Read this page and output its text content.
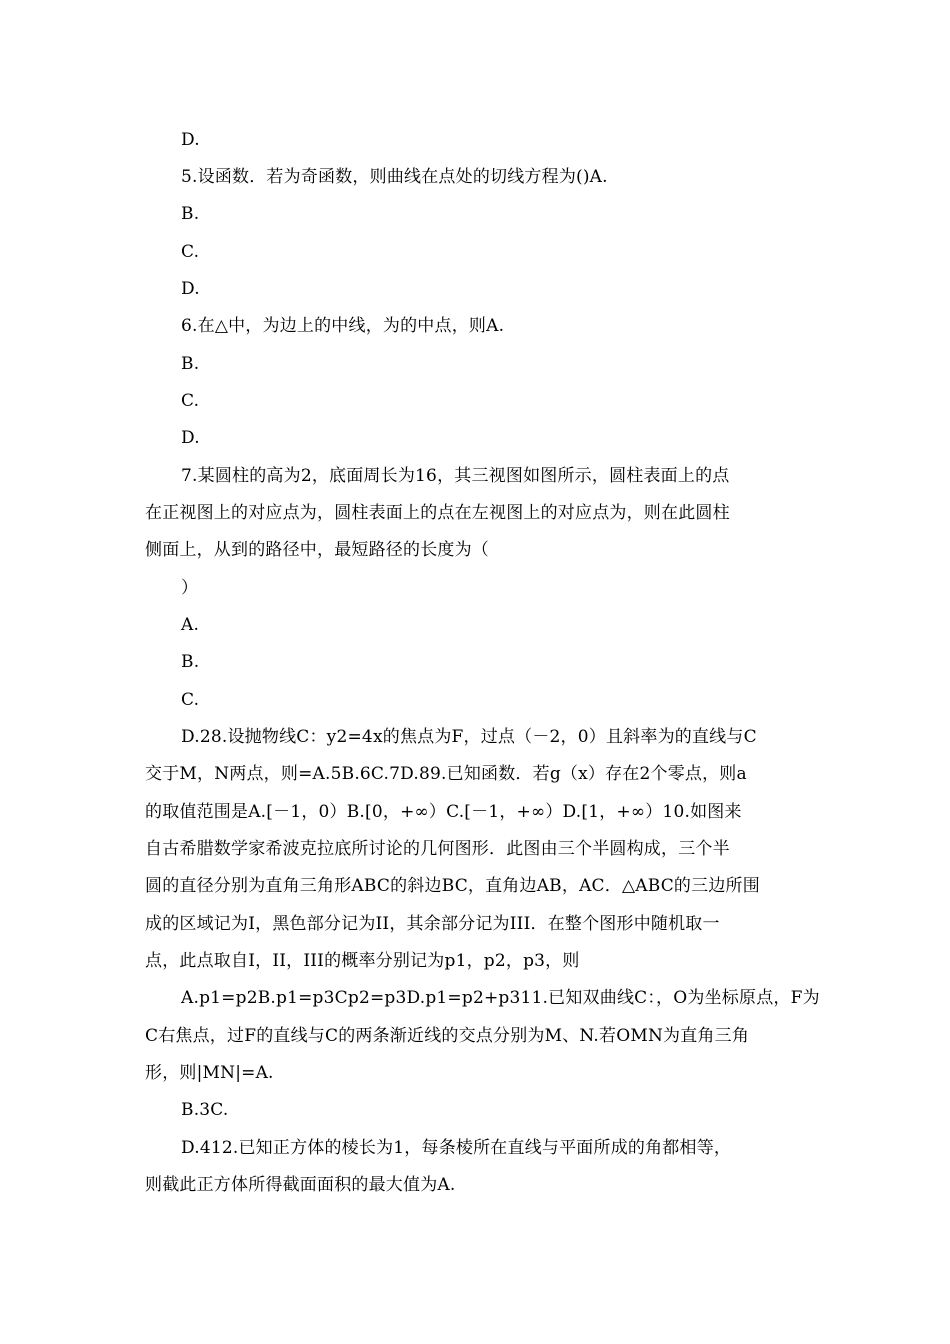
D.
5.设函数．若为奇函数，则曲线在点处的切线方程为()A.
B.
C.
D.
6.在△中，为边上的中线，为的中点，则A.
B.
C.
D.
7.某圆柱的高为2，底面周长为16，其三视图如图所示，圆柱表面上的点
在正视图上的对应点为，圆柱表面上的点在左视图上的对应点为，则在此圆柱
侧面上，从到的路径中，最短路径的长度为（
）
A.
B.
C.
D.28.设抛物线C：y2=4x的焦点为F，过点（－2，0）且斜率为的直线与C
交于M，N两点，则=A.5B.6C.7D.89.已知函数．若g（x）存在2个零点，则a
的取值范围是A.[－1，0）B.[0，+∞）C.[－1，+∞）D.[1，+∞）10.如图来
自古希腊数学家希波克拉底所讨论的几何图形．此图由三个半圆构成，三个半
圆的直径分别为直角三角形ABC的斜边BC，直角边AB，AC．△ABC的三边所围
成的区域记为I，黑色部分记为II，其余部分记为III．在整个图形中随机取一
点，此点取自I，II，III的概率分别记为p1，p2，p3，则
A.p1=p2B.p1=p3Cp2=p3D.p1=p2+p311.已知双曲线C：，O为坐标原点，F为
C右焦点，过F的直线与C的两条渐近线的交点分别为M、N.若OMN为直角三角
形，则|MN|=A.
B.3C.
D.412.已知正方体的棱长为1，每条棱所在直线与平面所成的角都相等，
则截此正方体所得截面面积的最大值为A.
